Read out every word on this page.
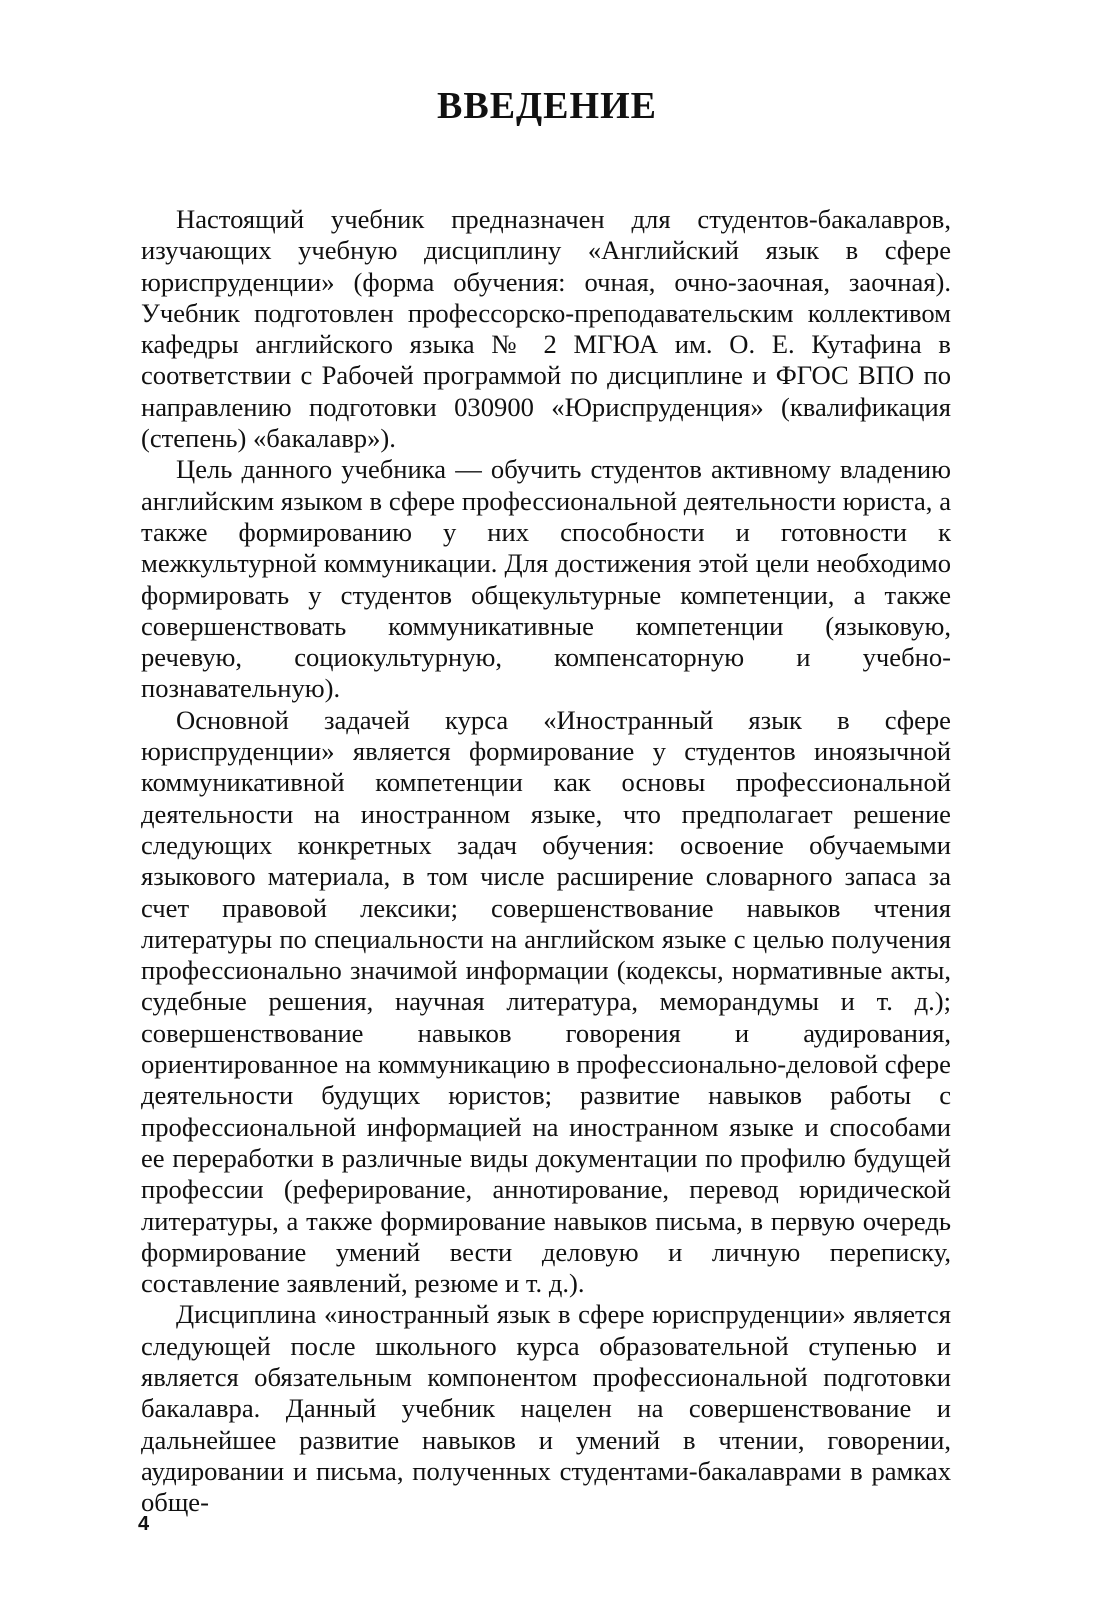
ВВЕДЕНИЕ

Настоящий учебник предназначен для студентов-бакалавров, изучающих учебную дисциплину «Английский язык в сфере юриспруденции» (форма обучения: очная, очно-заочная, заочная). Учебник подготовлен профессорско-преподавательским коллективом кафедры английского языка № 2 МГЮА им. О. Е. Кутафина в соответствии с Рабочей программой по дисциплине и ФГОС ВПО по направлению подготовки 030900 «Юриспруденция» (квалификация (степень) «бакалавр»).

Цель данного учебника — обучить студентов активному владению английским языком в сфере профессиональной деятельности юриста, а также формированию у них способности и готовности к межкультурной коммуникации. Для достижения этой цели необходимо формировать у студентов общекультурные компетенции, а также совершенствовать коммуникативные компетенции (языковую, речевую, социокультурную, компенсаторную и учебно-познавательную).

Основной задачей курса «Иностранный язык в сфере юриспруденции» является формирование у студентов иноязычной коммуникативной компетенции как основы профессиональной деятельности на иностранном языке, что предполагает решение следующих конкретных задач обучения: освоение обучаемыми языкового материала, в том числе расширение словарного запаса за счет правовой лексики; совершенствование навыков чтения литературы по специальности на английском языке с целью получения профессионально значимой информации (кодексы, нормативные акты, судебные решения, научная литература, меморандумы и т. д.); совершенствование навыков говорения и аудирования, ориентированное на коммуникацию в профессионально-деловой сфере деятельности будущих юристов; развитие навыков работы с профессиональной информацией на иностранном языке и способами ее переработки в различные виды документации по профилю будущей профессии (реферирование, аннотирование, перевод юридической литературы, а также формирование навыков письма, в первую очередь формирование умений вести деловую и личную переписку, составление заявлений, резюме и т. д.).

Дисциплина «иностранный язык в сфере юриспруденции» является следующей после школьного курса образовательной ступенью и является обязательным компонентом профессиональной подготовки бакалавра. Данный учебник нацелен на совершенствование и дальнейшее развитие навыков и умений в чтении, говорении, аудировании и письма, полученных студентами-бакалаврами в рамках обще-

4
